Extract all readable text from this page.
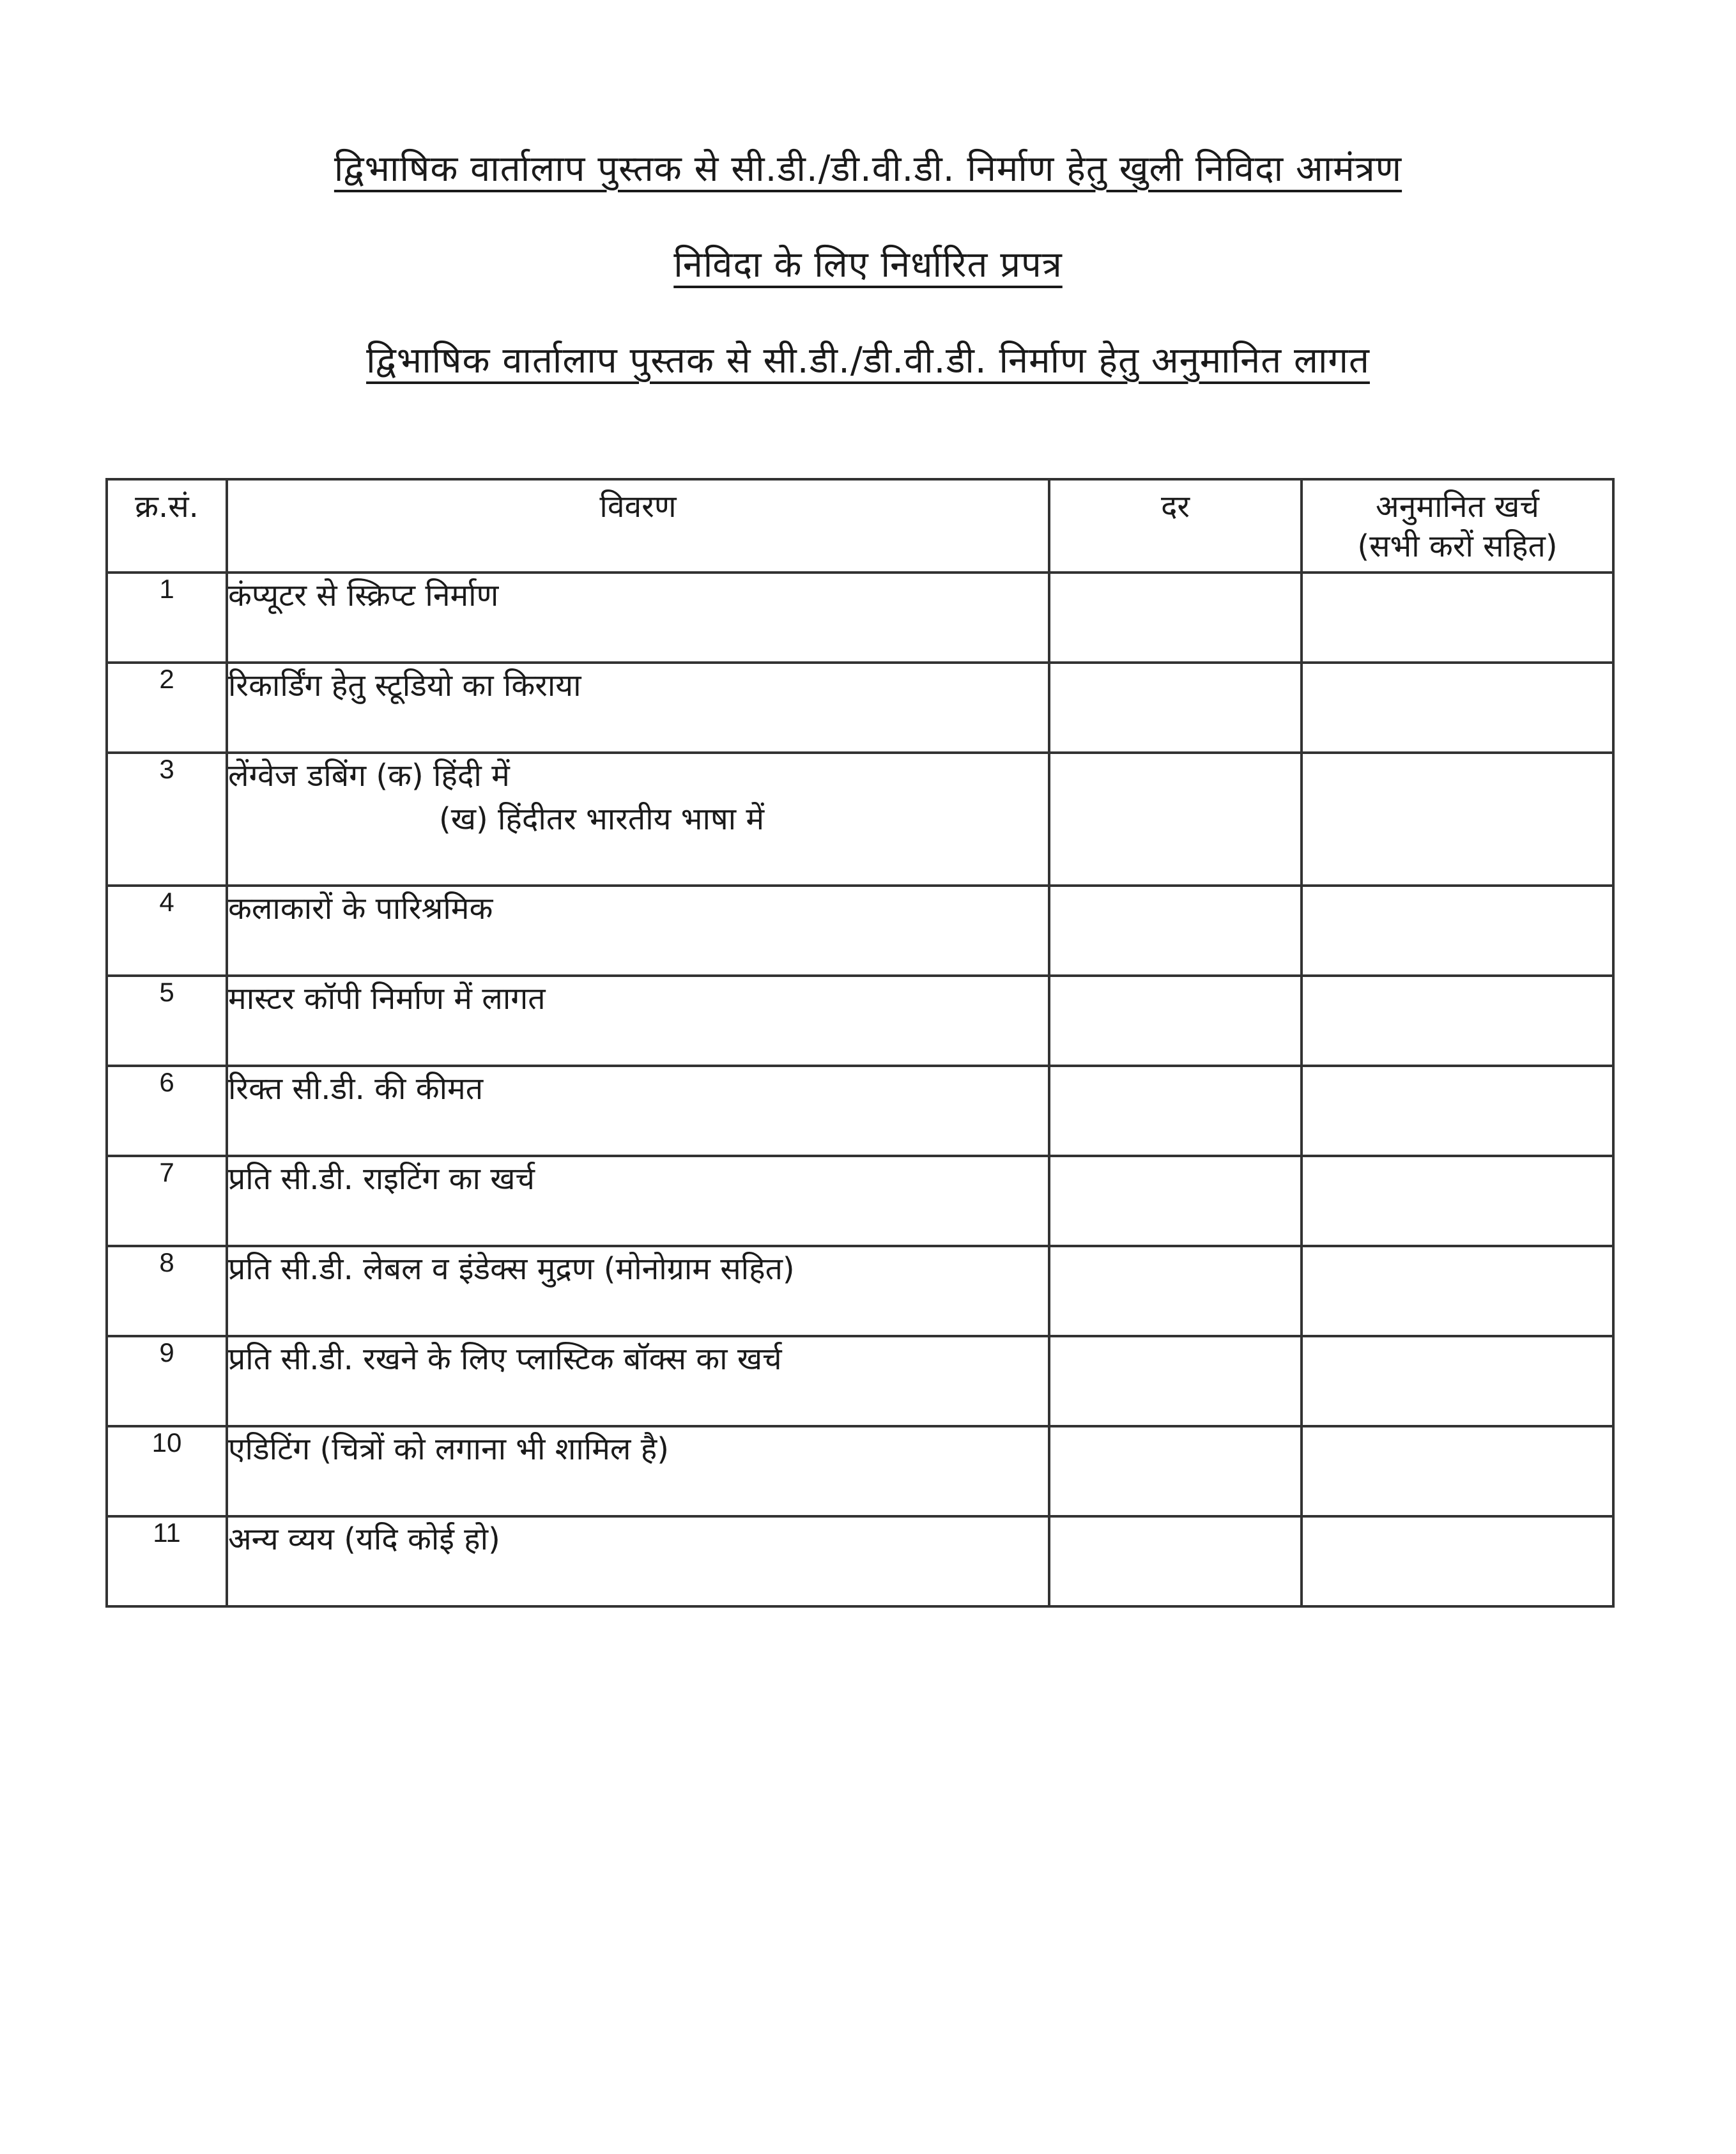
द्विभाषिक वार्तालाप पुस्तक से सी.डी./डी.वी.डी. निर्माण हेतु खुली निविदा आमंत्रण
निविदा के लिए निर्धारित प्रपत्र
द्विभाषिक वार्तालाप पुस्तक से सी.डी./डी.वी.डी. निर्माण हेतु अनुमानित लागत
क्र.सं.	विवरण	दर	अनुमानित खर्च
(सभी करों सहित)

1	कंप्यूटर से स्क्रिप्ट निर्माण		
2	रिकार्डिंग हेतु स्टूडियो का किराया		
3	लेंग्वेज डबिंग (क) हिंदी में
(ख) हिंदीतर भारतीय भाषा में		

4	कलाकारों के पारिश्रमिक		
5	मास्टर कॉपी निर्माण में लागत		
6	रिक्त सी.डी. की कीमत		
7	प्रति सी.डी. राइटिंग का खर्च		
8	प्रति सी.डी. लेबल व इंडेक्स मुद्रण (मोनोग्राम सहित)		
9	प्रति सी.डी. रखने के लिए प्लास्टिक बॉक्स का खर्च		
10	एडिटिंग (चित्रों को लगाना भी शामिल है)		
11	अन्य व्यय (यदि कोई हो)		
